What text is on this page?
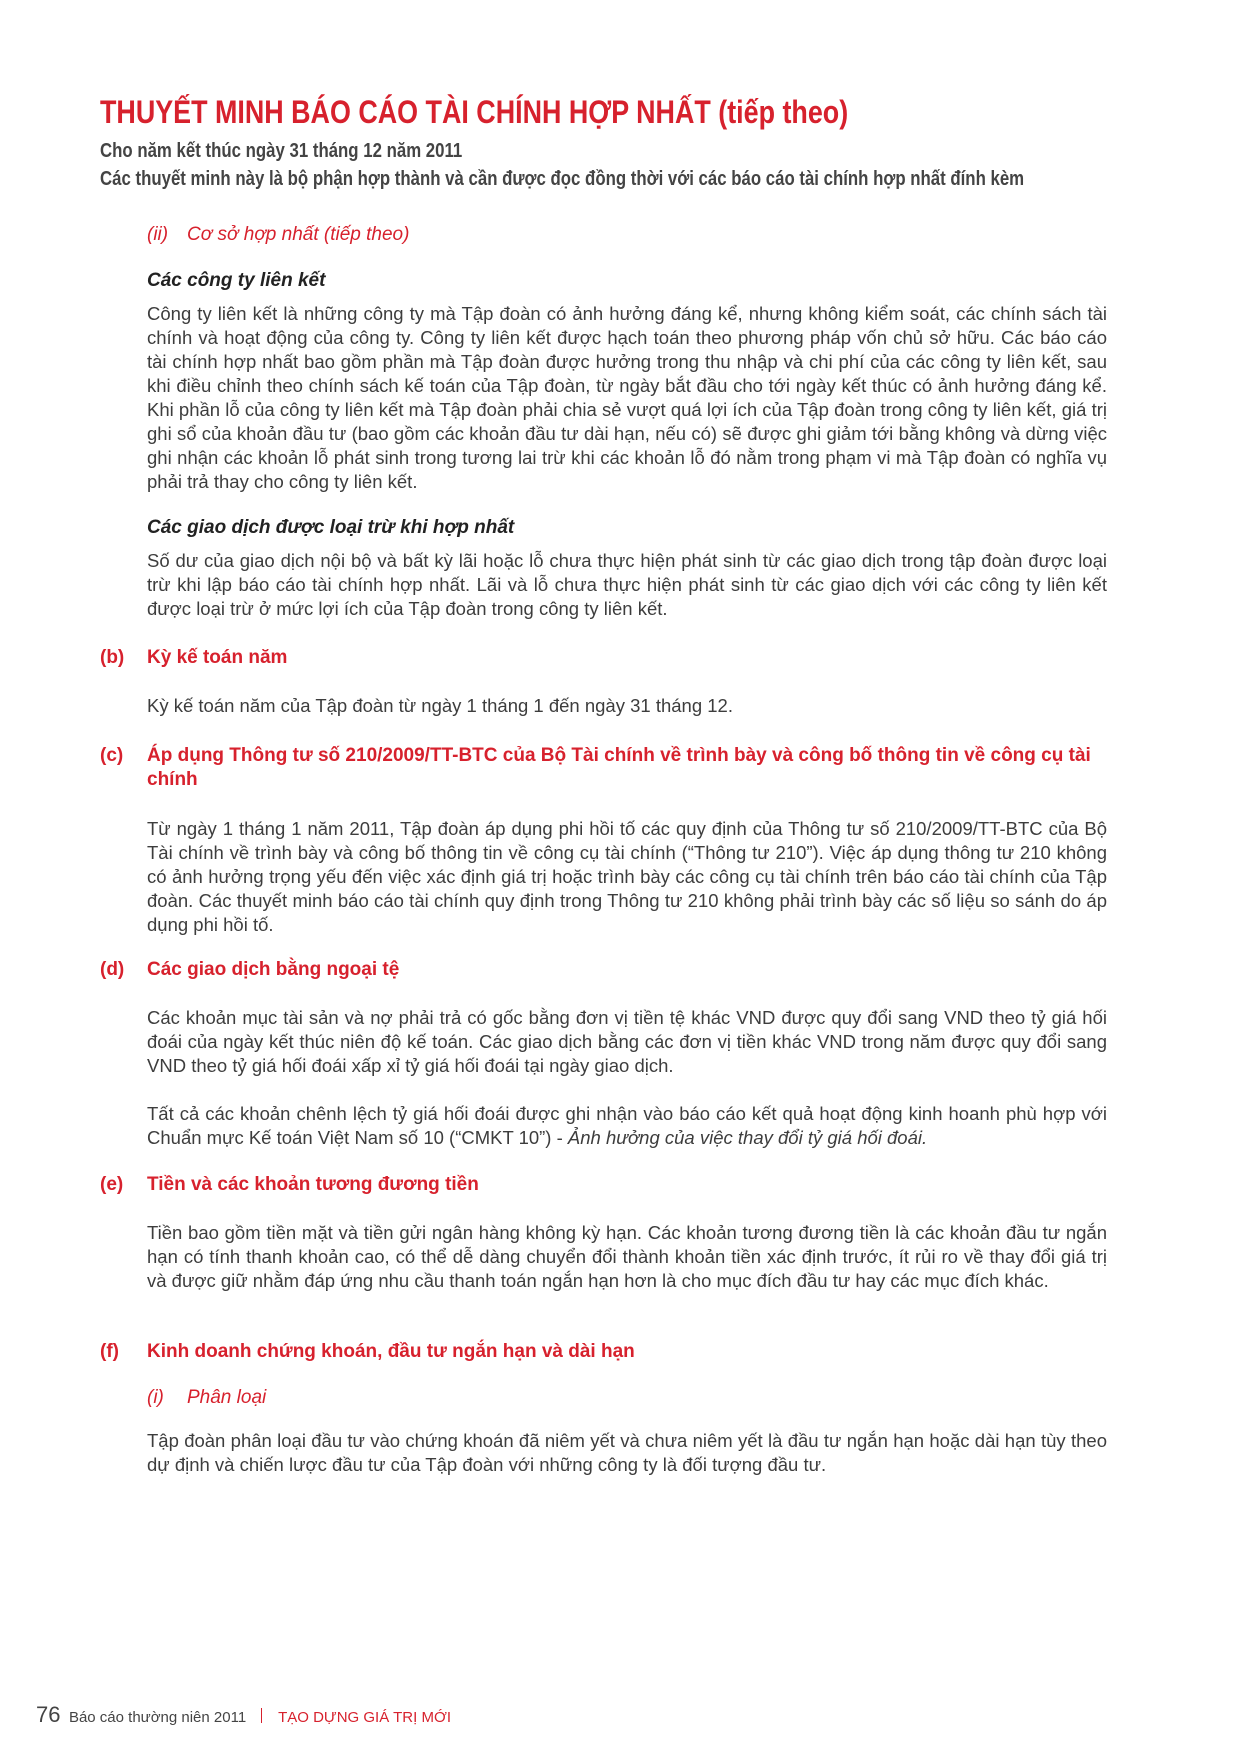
THUYẾT MINH BÁO CÁO TÀI CHÍNH HỢP NHẤT (tiếp theo)
Cho năm kết thúc ngày 31 tháng 12 năm 2011
Các thuyết minh này là bộ phận hợp thành và cần được đọc đồng thời với các báo cáo tài chính hợp nhất đính kèm
(ii) Cơ sở hợp nhất (tiếp theo)
Các công ty liên kết
Công ty liên kết là những công ty mà Tập đoàn có ảnh hưởng đáng kể, nhưng không kiểm soát, các chính sách tài chính và hoạt động của công ty. Công ty liên kết được hạch toán theo phương pháp vốn chủ sở hữu. Các báo cáo tài chính hợp nhất bao gồm phần mà Tập đoàn được hưởng trong thu nhập và chi phí của các công ty liên kết, sau khi điều chỉnh theo chính sách kế toán của Tập đoàn, từ ngày bắt đầu cho tới ngày kết thúc có ảnh hưởng đáng kể. Khi phần lỗ của công ty liên kết mà Tập đoàn phải chia sẻ vượt quá lợi ích của Tập đoàn trong công ty liên kết, giá trị ghi sổ của khoản đầu tư (bao gồm các khoản đầu tư dài hạn, nếu có) sẽ được ghi giảm tới bằng không và dừng việc ghi nhận các khoản lỗ phát sinh trong tương lai trừ khi các khoản lỗ đó nằm trong phạm vi mà Tập đoàn có nghĩa vụ phải trả thay cho công ty liên kết.
Các giao dịch được loại trừ khi hợp nhất
Số dư của giao dịch nội bộ và bất kỳ lãi hoặc lỗ chưa thực hiện phát sinh từ các giao dịch trong tập đoàn được loại trừ khi lập báo cáo tài chính hợp nhất. Lãi và lỗ chưa thực hiện phát sinh từ các giao dịch với các công ty liên kết được loại trừ ở mức lợi ích của Tập đoàn trong công ty liên kết.
(b) Kỳ kế toán năm
Kỳ kế toán năm của Tập đoàn từ ngày 1 tháng 1 đến ngày 31 tháng 12.
(c) Áp dụng Thông tư số 210/2009/TT-BTC của Bộ Tài chính về trình bày và công bố thông tin về công cụ tài chính
Từ ngày 1 tháng 1 năm 2011, Tập đoàn áp dụng phi hồi tố các quy định của Thông tư số 210/2009/TT-BTC của Bộ Tài chính về trình bày và công bố thông tin về công cụ tài chính (“Thông tư 210”). Việc áp dụng thông tư 210 không có ảnh hưởng trọng yếu đến việc xác định giá trị hoặc trình bày các công cụ tài chính trên báo cáo tài chính của Tập đoàn. Các thuyết minh báo cáo tài chính quy định trong Thông tư 210 không phải trình bày các số liệu so sánh do áp dụng phi hồi tố.
(d) Các giao dịch bằng ngoại tệ
Các khoản mục tài sản và nợ phải trả có gốc bằng đơn vị tiền tệ khác VND được quy đổi sang VND theo tỷ giá hối đoái của ngày kết thúc niên độ kế toán. Các giao dịch bằng các đơn vị tiền khác VND trong năm được quy đổi sang VND theo tỷ giá hối đoái xấp xỉ tỷ giá hối đoái tại ngày giao dịch.
Tất cả các khoản chênh lệch tỷ giá hối đoái được ghi nhận vào báo cáo kết quả hoạt động kinh hoanh phù hợp với Chuẩn mực Kế toán Việt Nam số 10 (“CMKT 10”) - Ảnh hưởng của việc thay đổi tỷ giá hối đoái.
(e) Tiền và các khoản tương đương tiền
Tiền bao gồm tiền mặt và tiền gửi ngân hàng không kỳ hạn. Các khoản tương đương tiền là các khoản đầu tư ngắn hạn có tính thanh khoản cao, có thể dễ dàng chuyển đổi thành khoản tiền xác định trước, ít rủi ro về thay đổi giá trị và được giữ nhằm đáp ứng nhu cầu thanh toán ngắn hạn hơn là cho mục đích đầu tư hay các mục đích khác.
(f) Kinh doanh chứng khoán, đầu tư ngắn hạn và dài hạn
(i) Phân loại
Tập đoàn phân loại đầu tư vào chứng khoán đã niêm yết và chưa niêm yết là đầu tư ngắn hạn hoặc dài hạn tùy theo dự định và chiến lược đầu tư của Tập đoàn với những công ty là đối tượng đầu tư.
76 Báo cáo thường niên 2011 TẠO DỰNG GIÁ TRỊ MỚI
